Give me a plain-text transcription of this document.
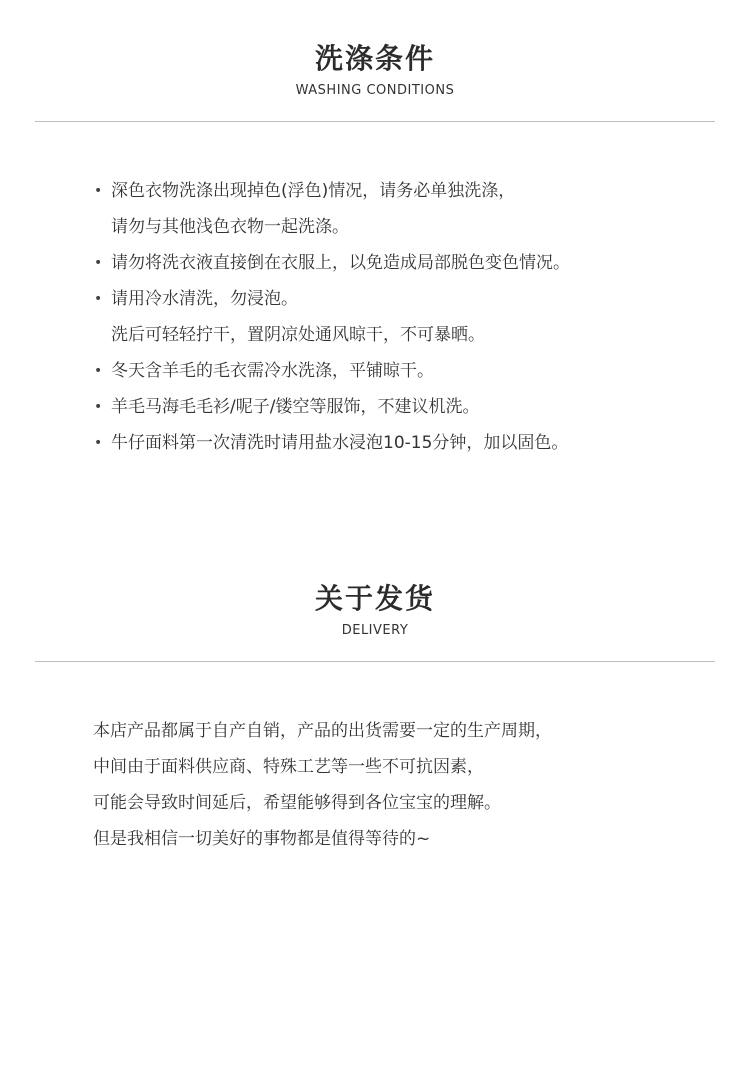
洗涤条件
WASHING CONDITIONS
• 深色衣物洗涤出现掉色(浮色)情况，请务必单独洗涤，
请勿与其他浅色衣物一起洗涤。
• 请勿将洗衣液直接倒在衣服上，以免造成局部脱色变色情况。
• 请用冷水清洗，勿浸泡。
洗后可轻轻拧干，置阴凉处通风晾干，不可暴晒。
• 冬天含羊毛的毛衣需冷水洗涤，平铺晾干。
• 羊毛马海毛毛衫/呢子/镂空等服饰，不建议机洗。
• 牛仔面料第一次清洗时请用盐水浸泡10-15分钟，加以固色。
关于发货
DELIVERY
本店产品都属于自产自销，产品的出货需要一定的生产周期，
中间由于面料供应商、特殊工艺等一些不可抗因素，
可能会导致时间延后，希望能够得到各位宝宝的理解。
但是我相信一切美好的事物都是值得等待的~
